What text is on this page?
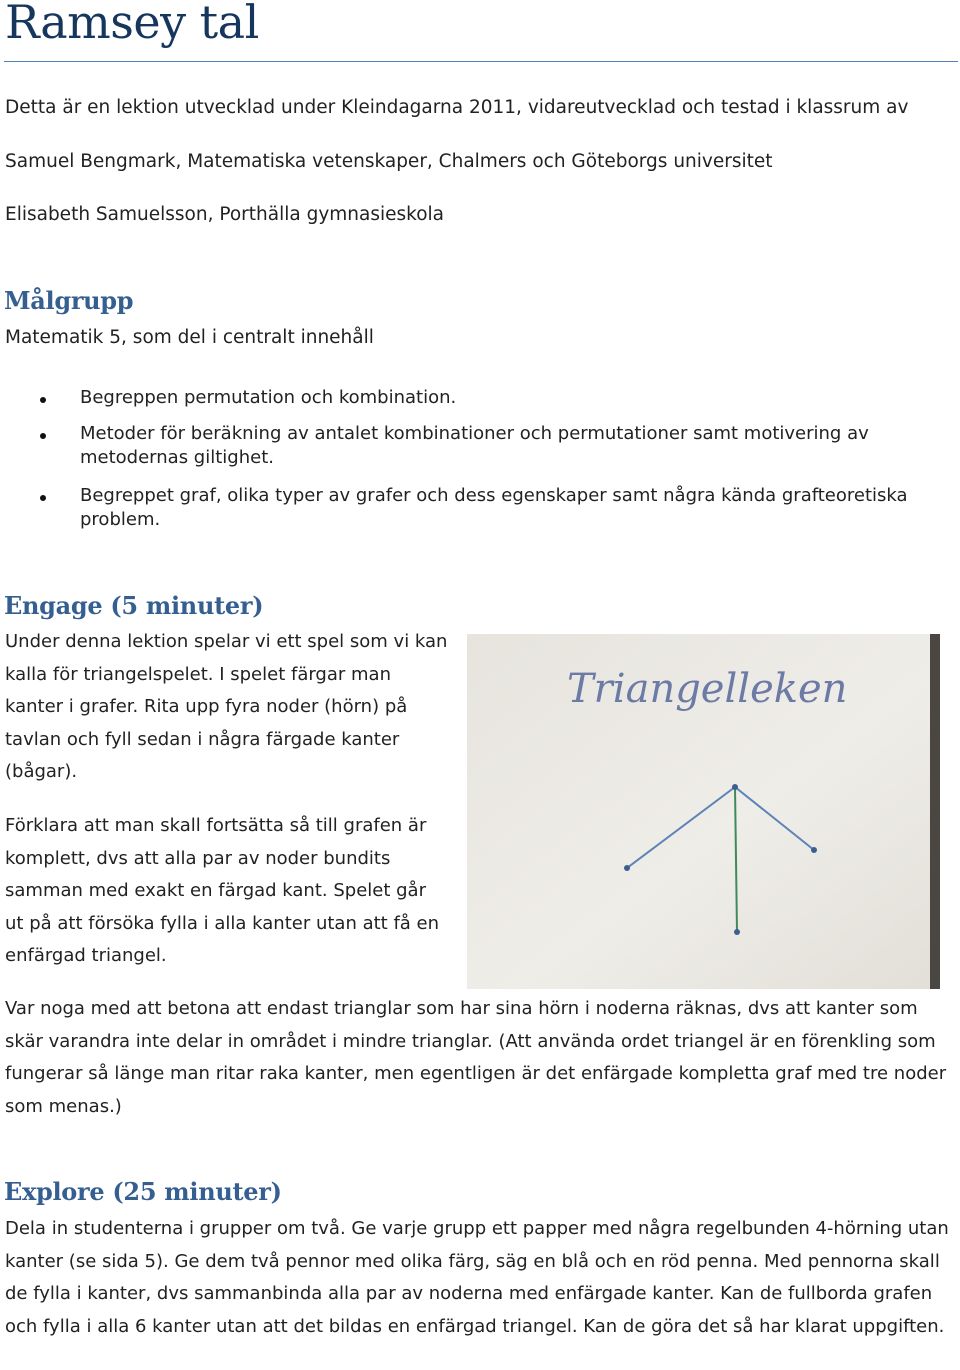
Ramsey tal

Detta är en lektion utvecklad under Kleindagarna 2011, vidareutvecklad och testad i klassrum av

Samuel Bengmark, Matematiska vetenskaper, Chalmers och Göteborgs universitet

Elisabeth Samuelsson, Porthälla gymnasieskola

Målgrupp

Matematik 5, som del i centralt innehåll

Begreppen permutation och kombination.
Metoder för beräkning av antalet kombinationer och permutationer samt motivering av metodernas giltighet.
Begreppet graf, olika typer av grafer och dess egenskaper samt några kända grafteoretiska problem.
Engage (5 minuter)

Under denna lektion spelar vi ett spel som vi kan kalla för triangelspelet. I spelet färgar man kanter i grafer. Rita upp fyra noder (hörn) på tavlan och fyll sedan i några färgade kanter (bågar).

Förklara att man skall fortsätta så till grafen är komplett, dvs att alla par av noder bundits samman med exakt en färgad kant. Spelet går ut på att försöka fylla i alla kanter utan att få en enfärgad triangel.

Triangelleken

Var noga med att betona att endast trianglar som har sina hörn i noderna räknas, dvs att kanter som skär varandra inte delar in området i mindre trianglar. (Att använda ordet triangel är en förenkling som fungerar så länge man ritar raka kanter, men egentligen är det enfärgade kompletta graf med tre noder som menas.)

Explore (25 minuter)

Dela in studenterna i grupper om två. Ge varje grupp ett papper med några regelbunden 4-hörning utan kanter (se sida 5). Ge dem två pennor med olika färg, säg en blå och en röd penna. Med pennorna skall de fylla i kanter, dvs sammanbinda alla par av noderna med enfärgade kanter. Kan de fullborda grafen och fylla i alla 6 kanter utan att det bildas en enfärgad triangel. Kan de göra det så har klarat uppgiften.
